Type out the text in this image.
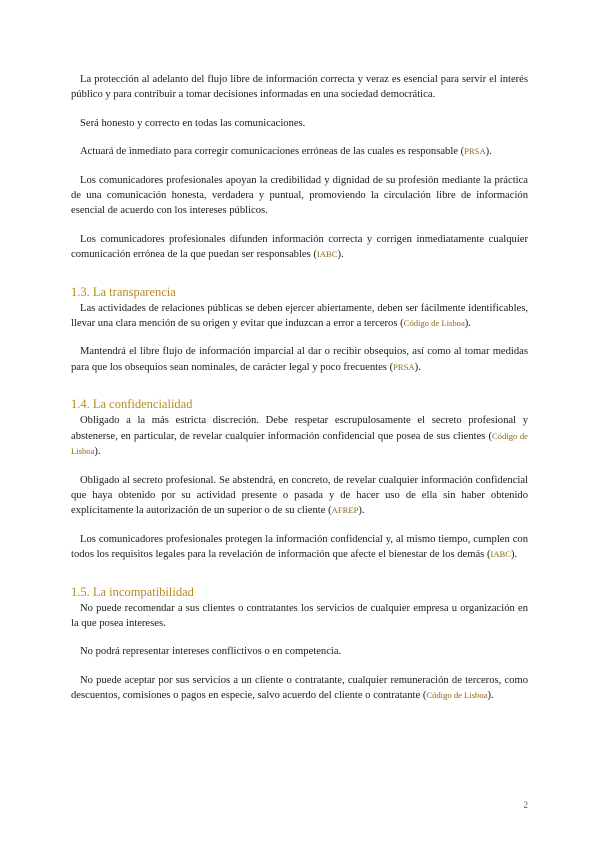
La protección al adelanto del flujo libre de información correcta y veraz es esencial para servir el interés público y para contribuir a tomar decisiones informadas en una sociedad democrática.

Será honesto y correcto en todas las comunicaciones.

Actuará de inmediato para corregir comunicaciones erróneas de las cuales es responsable (PRSA).

Los comunicadores profesionales apoyan la credibilidad y dignidad de su profesión mediante la práctica de una comunicación honesta, verdadera y puntual, promoviendo la circulación libre de información esencial de acuerdo con los intereses públicos.

Los comunicadores profesionales difunden información correcta y corrigen inmediatamente cualquier comunicación errónea de la que puedan ser responsables (IABC).

1.3. La transparencia

Las actividades de relaciones públicas se deben ejercer abiertamente, deben ser fácilmente identificables, llevar una clara mención de su origen y evitar que induzcan a error a terceros (Código de Lisboa).

Mantendrá el libre flujo de información imparcial al dar o recibir obsequios, así como al tomar medidas para que los obsequios sean nominales, de carácter legal y poco frecuentes (PRSA).

1.4. La confidencialidad

Obligado a la más estricta discreción. Debe respetar escrupulosamente el secreto profesional y abstenerse, en particular, de revelar cualquier información confidencial que posea de sus clientes (Código de Lisboa).

Obligado al secreto profesional. Se abstendrá, en concreto, de revelar cualquier información confidencial que haya obtenido por su actividad presente o pasada y de hacer uso de ella sin haber obtenido explícitamente la autorización de un superior o de su cliente (AFREP).

Los comunicadores profesionales protegen la información confidencial y, al mismo tiempo, cumplen con todos los requisitos legales para la revelación de información que afecte el bienestar de los demás (IABC).

1.5. La incompatibilidad

No puede recomendar a sus clientes o contratantes los servicios de cualquier empresa u organización en la que posea intereses.

No podrá representar intereses conflictivos o en competencia.

No puede aceptar por sus servicios a un cliente o contratante, cualquier remuneración de terceros, como descuentos, comisiones o pagos en especie, salvo acuerdo del cliente o contratante (Código de Lisboa).

2
